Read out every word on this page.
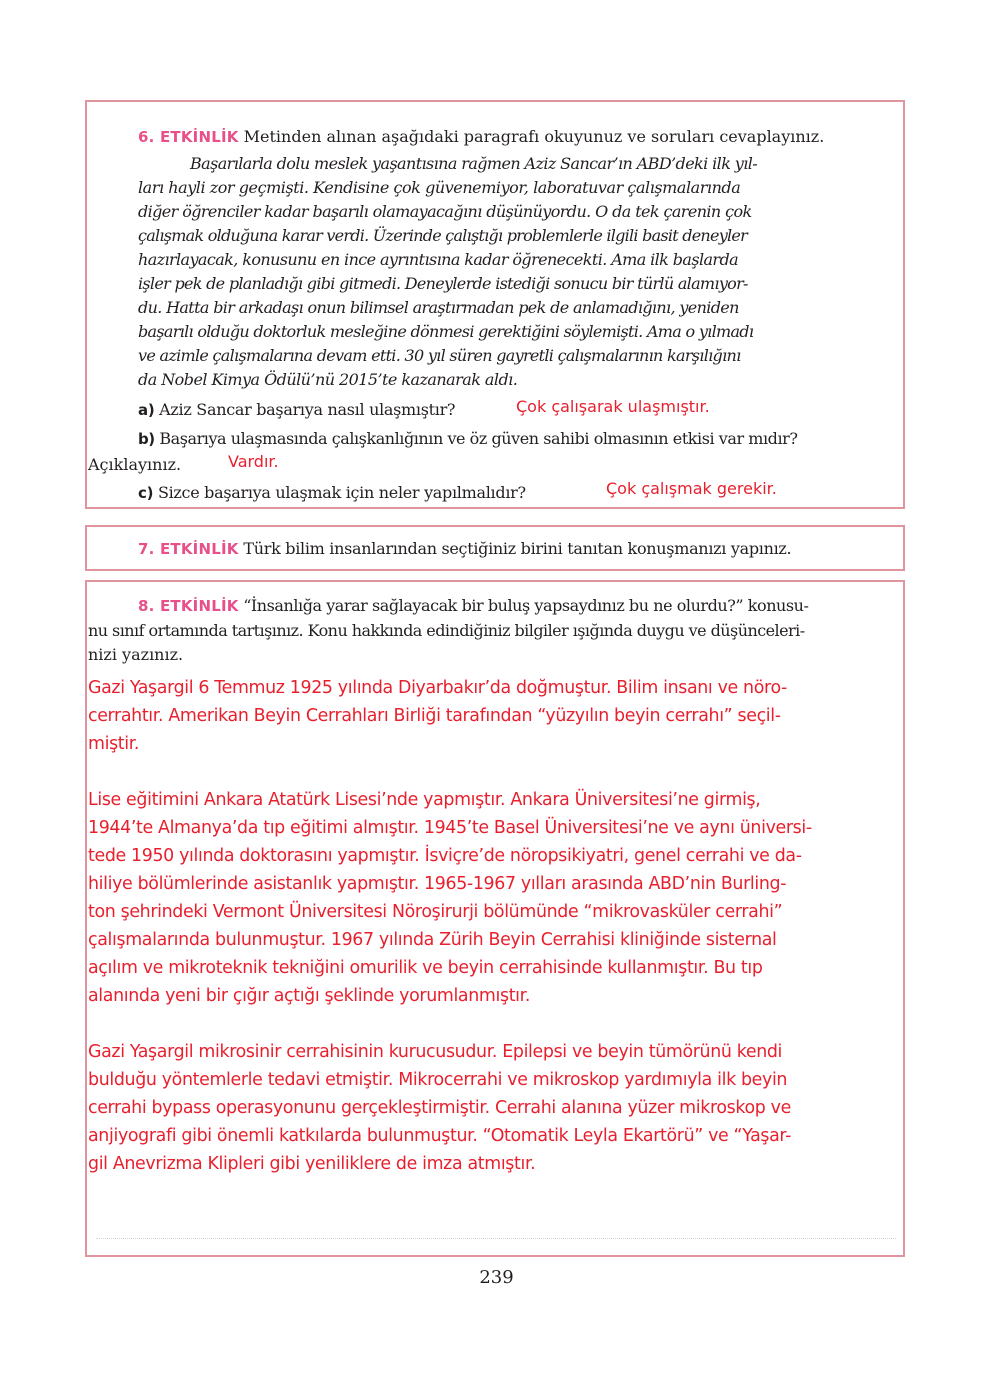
6. ETKİNLİK Metinden alınan aşağıdaki paragrafı okuyunuz ve soruları cevaplayınız.
Başarılarla dolu meslek yaşantısına rağmen Aziz Sancar’ın ABD’deki ilk yıl-
ları hayli zor geçmişti. Kendisine çok güvenemiyor, laboratuvar çalışmalarında
diğer öğrenciler kadar başarılı olamayacağını düşünüyordu. O da tek çarenin çok
çalışmak olduğuna karar verdi. Üzerinde çalıştığı problemlerle ilgili basit deneyler
hazırlayacak, konusunu en ince ayrıntısına kadar öğrenecekti. Ama ilk başlarda
işler pek de planladığı gibi gitmedi. Deneylerde istediği sonucu bir türlü alamıyor-
du. Hatta bir arkadaşı onun bilimsel araştırmadan pek de anlamadığını, yeniden
başarılı olduğu doktorluk mesleğine dönmesi gerektiğini söylemişti. Ama o yılmadı
ve azimle çalışmalarına devam etti. 30 yıl süren gayretli çalışmalarının karşılığını
da Nobel Kimya Ödülü’nü 2015’te kazanarak aldı.
a) Aziz Sancar başarıya nasıl ulaşmıştır?	Çok çalışarak ulaşmıştır.
b) Başarıya ulaşmasında çalışkanlığının ve öz güven sahibi olmasının etkisi var mıdır?
Açıklayınız.	Vardır.
c) Sizce başarıya ulaşmak için neler yapılmalıdır?	Çok çalışmak gerekir.
7. ETKİNLİK Türk bilim insanlarından seçtiğiniz birini tanıtan konuşmanızı yapınız.
8. ETKİNLİK “İnsanlığa yarar sağlayacak bir buluş yapsaydınız bu ne olurdu?” konusu-
nu sınıf ortamında tartışınız. Konu hakkında edindiğiniz bilgiler ışığında duygu ve düşünceleri-
nizi yazınız.
Gazi Yaşargil 6 Temmuz 1925 yılında Diyarbakır’da doğmuştur. Bilim insanı ve nöro-
cerrahtır. Amerikan Beyin Cerrahları Birliği tarafından “yüzyılın beyin cerrahı” seçil-
miştir.
Lise eğitimini Ankara Atatürk Lisesi’nde yapmıştır. Ankara Üniversitesi’ne girmiş,
1944’te Almanya’da tıp eğitimi almıştır. 1945’te Basel Üniversitesi’ne ve aynı üniversi-
tede 1950 yılında doktorasını yapmıştır. İsviçre’de nöropsikiyatri, genel cerrahi ve da-
hiliye bölümlerinde asistanlık yapmıştır. 1965-1967 yılları arasında ABD’nin Burling-
ton şehrindeki Vermont Üniversitesi Nöroşirurji bölümünde “mikrovasküler cerrahi”
çalışmalarında bulunmuştur. 1967 yılında Zürih Beyin Cerrahisi kliniğinde sisternal
açılım ve mikroteknik tekniğini omurilik ve beyin cerrahisinde kullanmıştır. Bu tıp
alanında yeni bir çığır açtığı şeklinde yorumlanmıştır.
Gazi Yaşargil mikrosinir cerrahisinin kurucusudur. Epilepsi ve beyin tümörünü kendi
bulduğu yöntemlerle tedavi etmiştir. Mikrocerrahi ve mikroskop yardımıyla ilk beyin
cerrahi bypass operasyonunu gerçekleştirmiştir. Cerrahi alanına yüzer mikroskop ve
anjiyografi gibi önemli katkılarda bulunmuştur. “Otomatik Leyla Ekartörü” ve “Yaşar-
gil Anevrizma Klipleri gibi yeniliklere de imza atmıştır.
239
